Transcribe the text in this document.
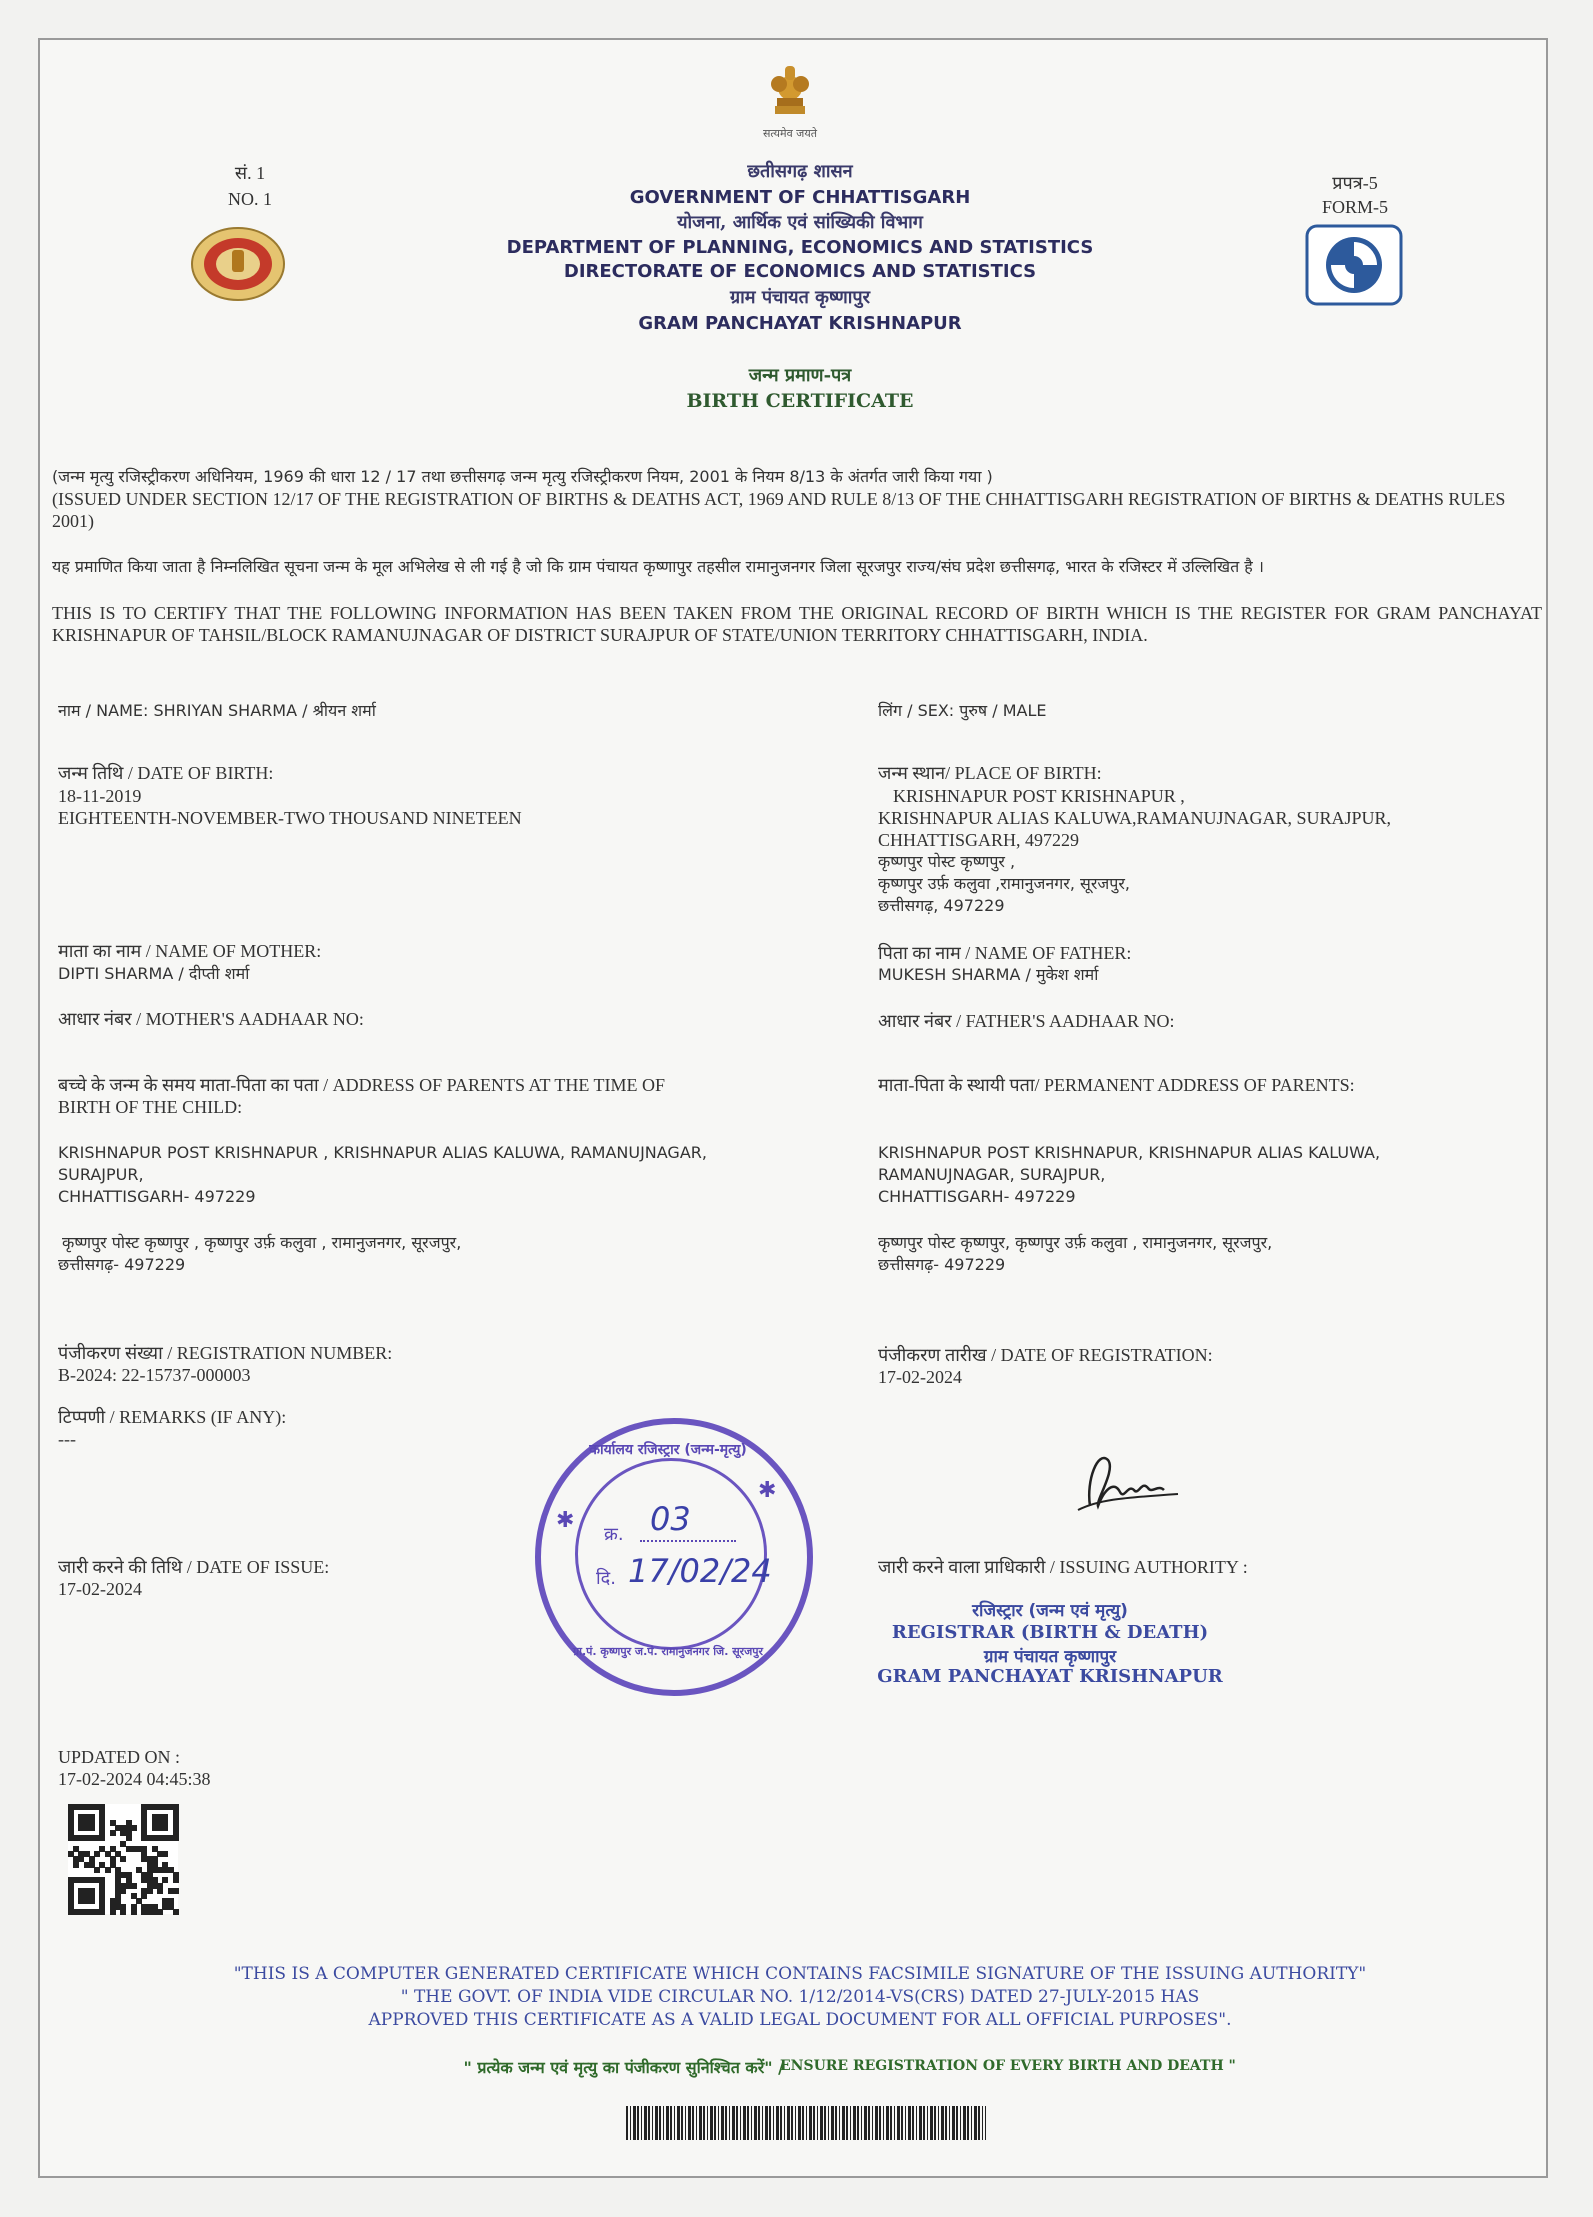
सत्यमेव जयते
सं. 1
NO. 1
प्रपत्र-5
FORM-5
छतीसगढ़ शासन
GOVERNMENT OF CHHATTISGARH
योजना, आर्थिक एवं सांख्यिकी विभाग
DEPARTMENT OF PLANNING, ECONOMICS AND STATISTICS
DIRECTORATE OF ECONOMICS AND STATISTICS
ग्राम पंचायत कृष्णापुर
GRAM PANCHAYAT KRISHNAPUR
जन्म प्रमाण-पत्र
BIRTH CERTIFICATE
(जन्म मृत्यु रजिस्ट्रीकरण अधिनियम, 1969 की धारा 12 / 17 तथा छत्तीसगढ़ जन्म मृत्यु रजिस्ट्रीकरण नियम, 2001 के नियम 8/13 के अंतर्गत जारी किया गया )
(ISSUED UNDER SECTION 12/17 OF THE REGISTRATION OF BIRTHS & DEATHS ACT, 1969 AND RULE 8/13 OF THE CHHATTISGARH REGISTRATION OF BIRTHS & DEATHS RULES 2001)
यह प्रमाणित किया जाता है निम्नलिखित सूचना जन्म के मूल अभिलेख से ली गई है जो कि ग्राम पंचायत कृष्णापुर तहसील रामानुजनगर जिला सूरजपुर राज्य/संघ प्रदेश छत्तीसगढ़, भारत के रजिस्टर में उल्लिखित है ।
THIS IS TO CERTIFY THAT THE FOLLOWING INFORMATION HAS BEEN TAKEN FROM THE ORIGINAL RECORD OF BIRTH WHICH IS THE REGISTER FOR GRAM PANCHAYAT KRISHNAPUR OF TAHSIL/BLOCK RAMANUJNAGAR OF DISTRICT SURAJPUR OF STATE/UNION TERRITORY CHHATTISGARH, INDIA.
नाम / NAME: SHRIYAN SHARMA / श्रीयन शर्मा	लिंग / SEX: पुरुष / MALE
जन्म तिथि / DATE OF BIRTH:
18-11-2019
EIGHTEENTH-NOVEMBER-TWO THOUSAND NINETEEN
जन्म स्थान/ PLACE OF BIRTH:
KRISHNAPUR POST KRISHNAPUR ,
KRISHNAPUR ALIAS KALUWA,RAMANUJNAGAR, SURAJPUR,
CHHATTISGARH, 497229
कृष्णपुर पोस्ट कृष्णपुर ,
कृष्णपुर उर्फ़ कलुवा ,रामानुजनगर, सूरजपुर,
छत्तीसगढ़, 497229
माता का नाम / NAME OF MOTHER:
DIPTI SHARMA / दीप्ती शर्मा
पिता का नाम / NAME OF FATHER:
MUKESH SHARMA / मुकेश शर्मा
आधार नंबर / MOTHER'S AADHAAR NO:	आधार नंबर / FATHER'S AADHAAR NO:
बच्चे के जन्म के समय माता-पिता का पता / ADDRESS OF PARENTS AT THE TIME OF
BIRTH OF THE CHILD:
KRISHNAPUR POST KRISHNAPUR , KRISHNAPUR ALIAS KALUWA, RAMANUJNAGAR,
SURAJPUR,
CHHATTISGARH- 497229
कृष्णपुर पोस्ट कृष्णपुर , कृष्णपुर उर्फ़ कलुवा , रामानुजनगर, सूरजपुर,
छत्तीसगढ़- 497229
माता-पिता के स्थायी पता/ PERMANENT ADDRESS OF PARENTS:
KRISHNAPUR POST KRISHNAPUR, KRISHNAPUR ALIAS KALUWA,
RAMANUJNAGAR, SURAJPUR,
CHHATTISGARH- 497229
कृष्णपुर पोस्ट कृष्णपुर, कृष्णपुर उर्फ़ कलुवा , रामानुजनगर, सूरजपुर,
छत्तीसगढ़- 497229
पंजीकरण संख्या / REGISTRATION NUMBER:
B-2024: 22-15737-000003
पंजीकरण तारीख / DATE OF REGISTRATION:
17-02-2024
टिप्पणी / REMARKS (IF ANY):
---
कार्यालय रजिस्ट्रार (जन्म-मृत्यु)
ग्रा.पं. कृष्णपुर ज.पं. रामानुजनगर जि. सूरजपुर
✱
✱
क्र. 03
दि. 17/02/24
जारी करने की तिथि / DATE OF ISSUE:
17-02-2024
जारी करने वाला प्राधिकारी / ISSUING AUTHORITY :
रजिस्ट्रार (जन्म एवं मृत्यु)
REGISTRAR (BIRTH & DEATH)
ग्राम पंचायत कृष्णापुर
GRAM PANCHAYAT KRISHNAPUR
UPDATED ON :
17-02-2024 04:45:38
"THIS IS A COMPUTER GENERATED CERTIFICATE WHICH CONTAINS FACSIMILE SIGNATURE OF THE ISSUING AUTHORITY"
" THE GOVT. OF INDIA VIDE CIRCULAR NO. 1/12/2014-VS(CRS) DATED 27-JULY-2015 HAS
APPROVED THIS CERTIFICATE AS A VALID LEGAL DOCUMENT FOR ALL OFFICIAL PURPOSES".
" प्रत्येक जन्म एवं मृत्यु का पंजीकरण सुनिश्चित करें" /
ENSURE REGISTRATION OF EVERY BIRTH AND DEATH "
